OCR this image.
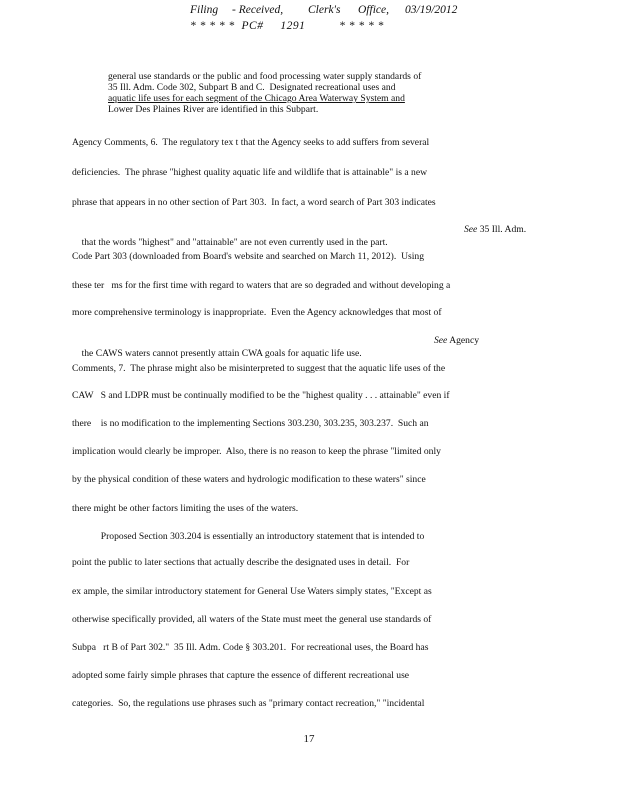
Filing - Received, Clerk's Office, 03/19/2012
* * * * *  PC#     1291          * * * * *
general use standards or the public and food processing water supply standards of
35 Ill. Adm. Code 302, Subpart B and C.  Designated recreational uses and
aquatic life uses for each segment of the Chicago Area Waterway System and
Lower Des Plaines River are identified in this Subpart.
Agency Comments, 6.  The regulatory tex t that the Agency seeks to add suffers from several
deficiencies.  The phrase "highest quality aquatic life and wildlife that is attainable" is a new
phrase that appears in no other section of Part 303.  In fact, a word search of Part 303 indicates

that the words "highest" and "attainable" are not even currently used in the part.

See 35 Ill. Adm.

Code Part 303 (downloaded from Board's website and searched on March 11, 2012).  Using
these ter   ms for the first time with regard to waters that are so degraded and without developing a
more comprehensive terminology is inappropriate.  Even the Agency acknowledges that most of

the CAWS waters cannot presently attain CWA goals for aquatic life use.

See Agency

Comments, 7.  The phrase might also be misinterpreted to suggest that the aquatic life uses of the
CAW   S and LDPR must be continually modified to be the "highest quality . . . attainable" even if
there    is no modification to the implementing Sections 303.230, 303.235, 303.237.  Such an
implication would clearly be improper.  Also, there is no reason to keep the phrase "limited only
by the physical condition of these waters and hydrologic modification to these waters" since
there might be other factors limiting the uses of the waters.
Proposed Section 303.204 is essentially an introductory statement that is intended to
point the public to later sections that actually describe the designated uses in detail.  For
ex ample, the similar introductory statement for General Use Waters simply states, "Except as
otherwise specifically provided, all waters of the State must meet the general use standards of
Subpa   rt B of Part 302."  35 Ill. Adm. Code § 303.201.  For recreational uses, the Board has
adopted some fairly simple phrases that capture the essence of different recreational use
categories.  So, the regulations use phrases such as "primary contact recreation," "incidental
17
